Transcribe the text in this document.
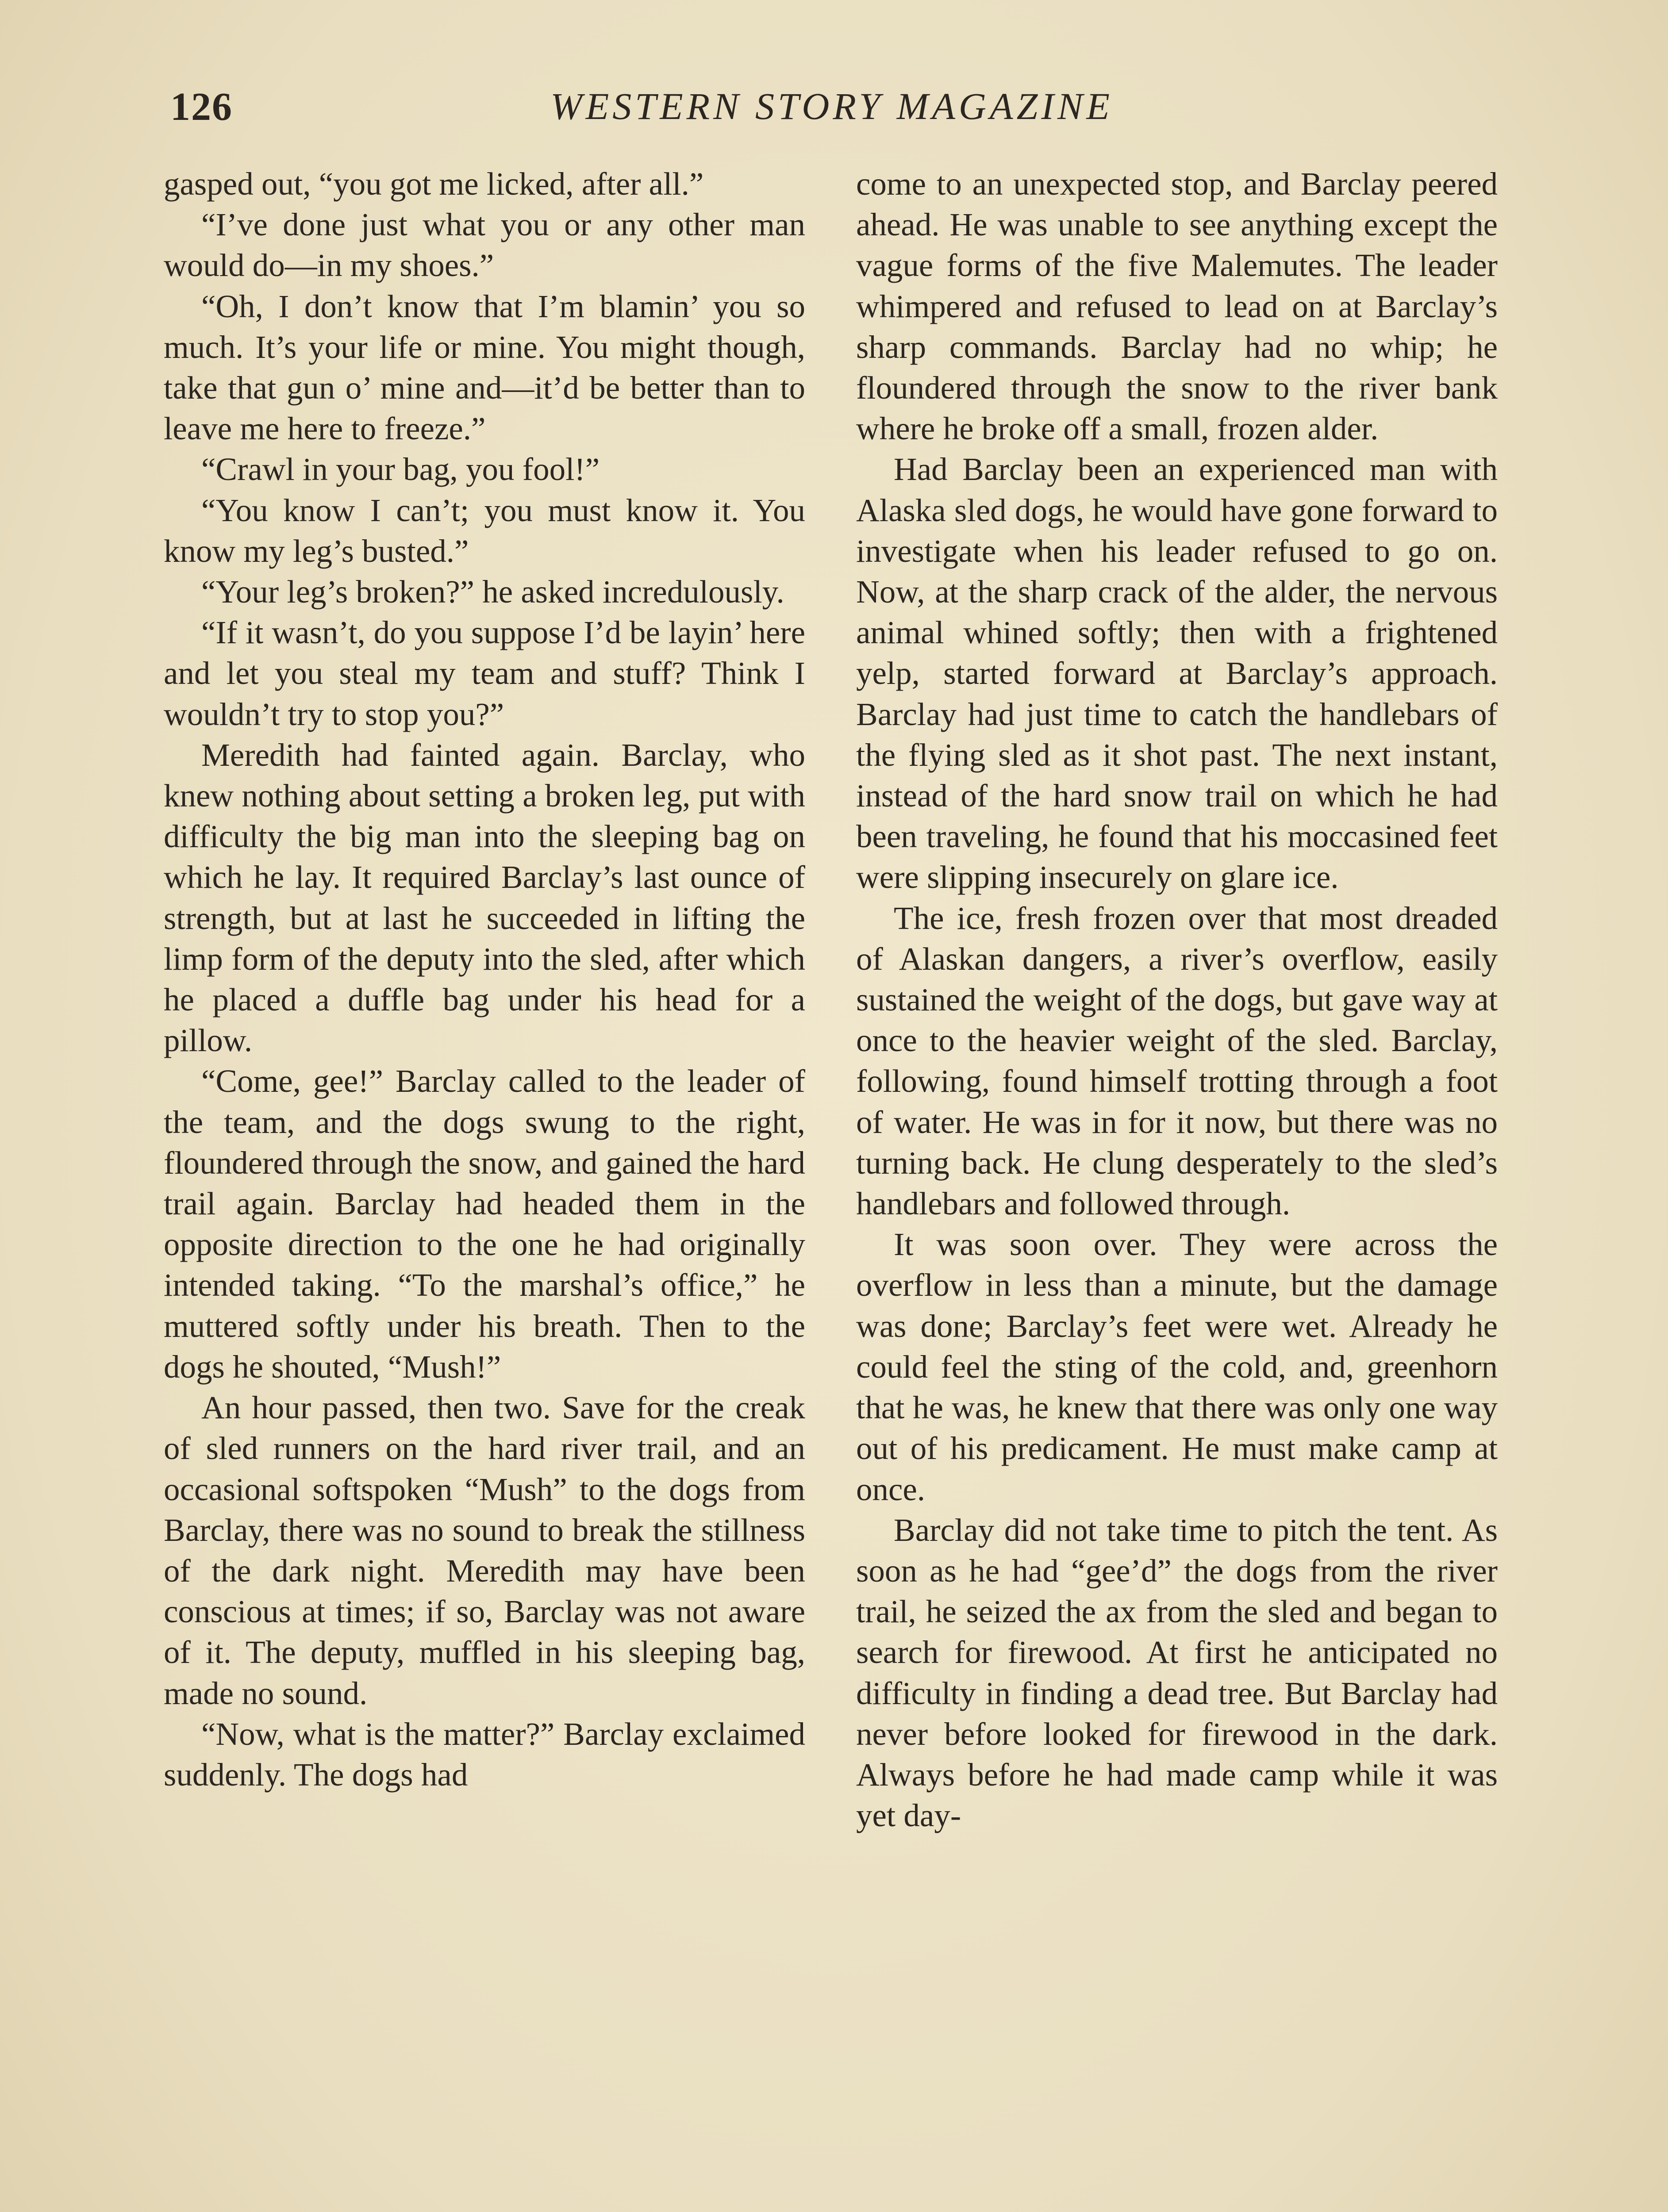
126	WESTERN STORY MAGAZINE

gasped out, “you got me licked, after all.”

“I’ve done just what you or any other man would do—in my shoes.”

“Oh, I don’t know that I’m blamin’ you so much. It’s your life or mine. You might though, take that gun o’ mine and—it’d be better than to leave me here to freeze.”

“Crawl in your bag, you fool!”

“You know I can’t; you must know it. You know my leg’s busted.”

“Your leg’s broken?” he asked incredulously.

“If it wasn’t, do you suppose I’d be layin’ here and let you steal my team and stuff? Think I wouldn’t try to stop you?”

Meredith had fainted again. Barclay, who knew nothing about setting a broken leg, put with difficulty the big man into the sleeping bag on which he lay. It required Barclay’s last ounce of strength, but at last he succeeded in lifting the limp form of the deputy into the sled, after which he placed a duffle bag under his head for a pillow.

“Come, gee!” Barclay called to the leader of the team, and the dogs swung to the right, floundered through the snow, and gained the hard trail again. Barclay had headed them in the opposite direction to the one he had originally intended taking. “To the marshal’s office,” he muttered softly under his breath. Then to the dogs he shouted, “Mush!”

An hour passed, then two. Save for the creak of sled runners on the hard river trail, and an occasional softspoken “Mush” to the dogs from Barclay, there was no sound to break the stillness of the dark night. Meredith may have been conscious at times; if so, Barclay was not aware of it. The deputy, muffled in his sleeping bag, made no sound.

“Now, what is the matter?” Barclay exclaimed suddenly. The dogs had

come to an unexpected stop, and Barclay peered ahead. He was unable to see anything except the vague forms of the five Malemutes. The leader whimpered and refused to lead on at Barclay’s sharp commands. Barclay had no whip; he floundered through the snow to the river bank where he broke off a small, frozen alder.

Had Barclay been an experienced man with Alaska sled dogs, he would have gone forward to investigate when his leader refused to go on. Now, at the sharp crack of the alder, the nervous animal whined softly; then with a frightened yelp, started forward at Barclay’s approach. Barclay had just time to catch the handlebars of the flying sled as it shot past. The next instant, instead of the hard snow trail on which he had been traveling, he found that his moccasined feet were slipping insecurely on glare ice.

The ice, fresh frozen over that most dreaded of Alaskan dangers, a river’s overflow, easily sustained the weight of the dogs, but gave way at once to the heavier weight of the sled. Barclay, following, found himself trotting through a foot of water. He was in for it now, but there was no turning back. He clung desperately to the sled’s handlebars and followed through.

It was soon over. They were across the overflow in less than a minute, but the damage was done; Barclay’s feet were wet. Already he could feel the sting of the cold, and, greenhorn that he was, he knew that there was only one way out of his predicament. He must make camp at once.

Barclay did not take time to pitch the tent. As soon as he had “gee’d” the dogs from the river trail, he seized the ax from the sled and began to search for firewood. At first he anticipated no difficulty in finding a dead tree. But Barclay had never before looked for firewood in the dark. Always before he had made camp while it was yet day-
